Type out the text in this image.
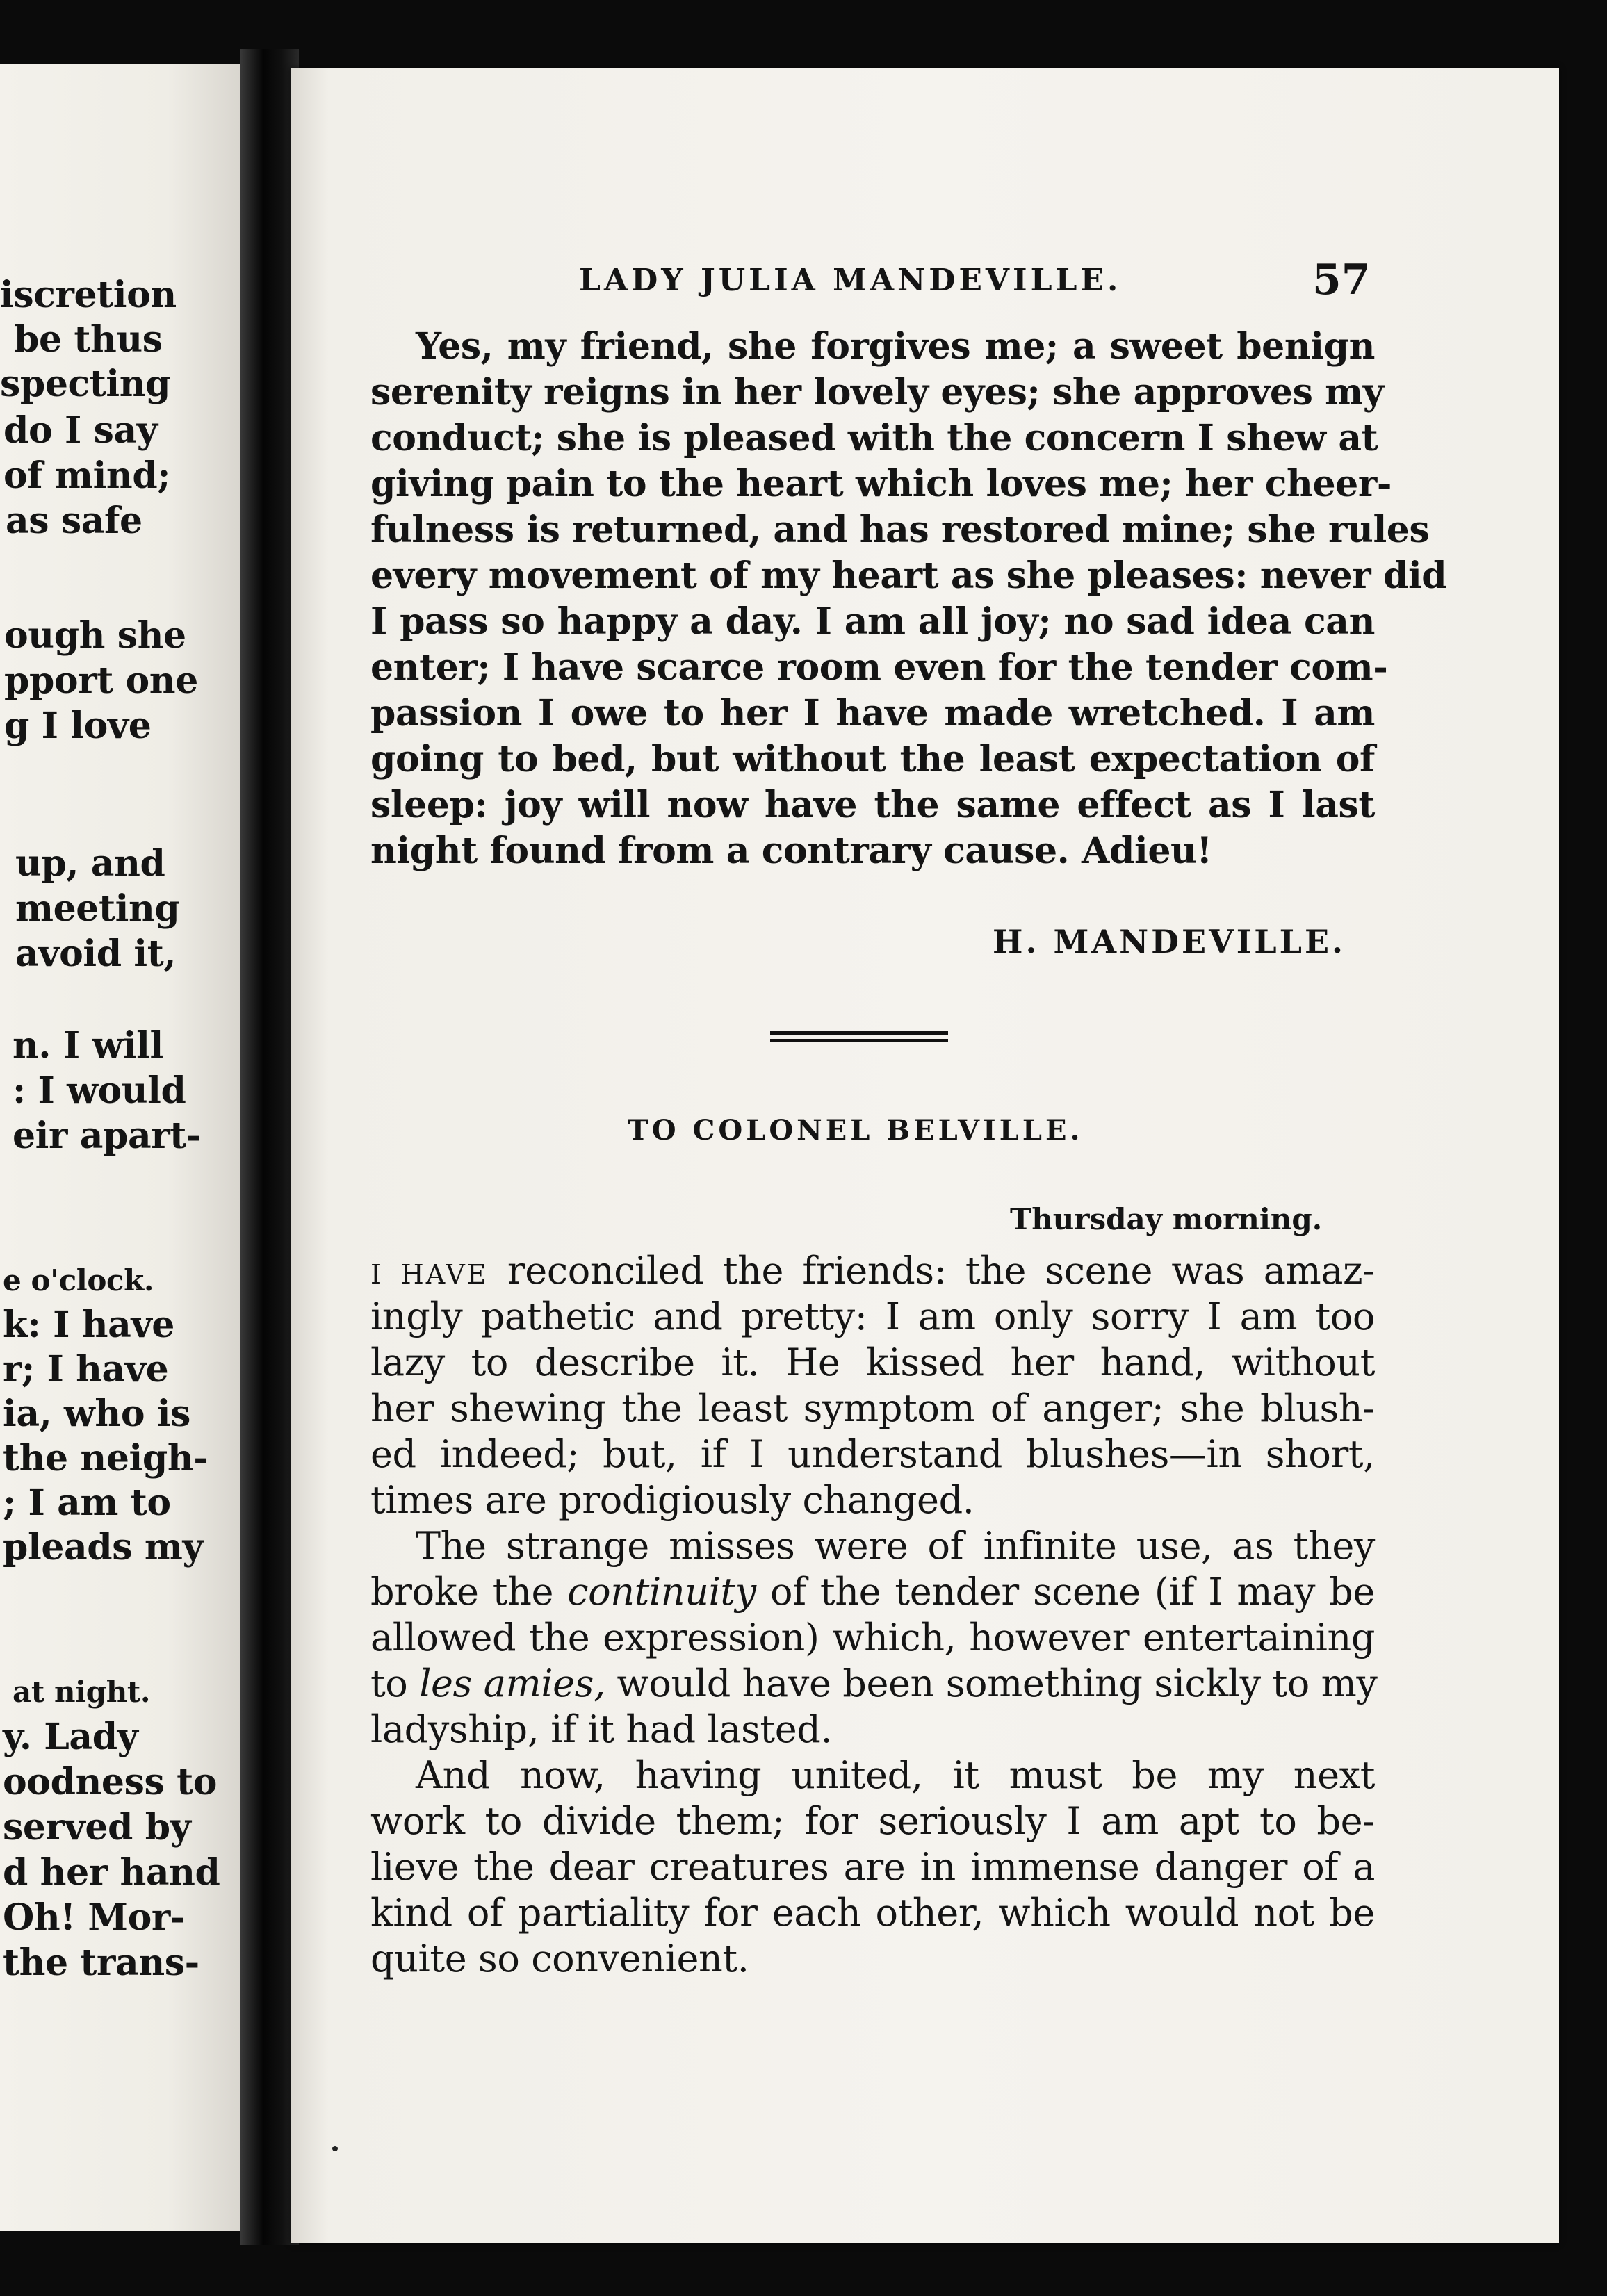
iscretion
be thus
specting
do I say
of mind;
as safe
ough she
pport one
g I love
up, and
meeting
avoid it,
n. I will
: I would
eir apart-
e o'clock.
k: I have
r; I have
ia, who is
the neigh-
; I am to
pleads my
at night.
y. Lady
oodness to
served by
d her hand
Oh! Mor-
the trans-
LADY JULIA MANDEVILLE.	57
Yes, my friend, she forgives me; a sweet benign
serenity reigns in her lovely eyes; she approves my
conduct; she is pleased with the concern I shew at
giving pain to the heart which loves me; her cheer-
fulness is returned, and has restored mine; she rules
every movement of my heart as she pleases: never did
I pass so happy a day. I am all joy; no sad idea can
enter; I have scarce room even for the tender com-
passion I owe to her I have made wretched. I am
going to bed, but without the least expectation of
sleep: joy will now have the same effect as I last
night found from a contrary cause. Adieu!
H. MANDEVILLE.
TO COLONEL BELVILLE.
Thursday morning.
I HAVE reconciled the friends: the scene was amaz-
ingly pathetic and pretty: I am only sorry I am too
lazy to describe it. He kissed her hand, without
her shewing the least symptom of anger; she blush-
ed indeed; but, if I understand blushes—in short,
times are prodigiously changed.
The strange misses were of infinite use, as they
broke the continuity of the tender scene (if I may be
allowed the expression) which, however entertaining
to les amies, would have been something sickly to my
ladyship, if it had lasted.
And now, having united, it must be my next
work to divide them; for seriously I am apt to be-
lieve the dear creatures are in immense danger of a
kind of partiality for each other, which would not be
quite so convenient.
